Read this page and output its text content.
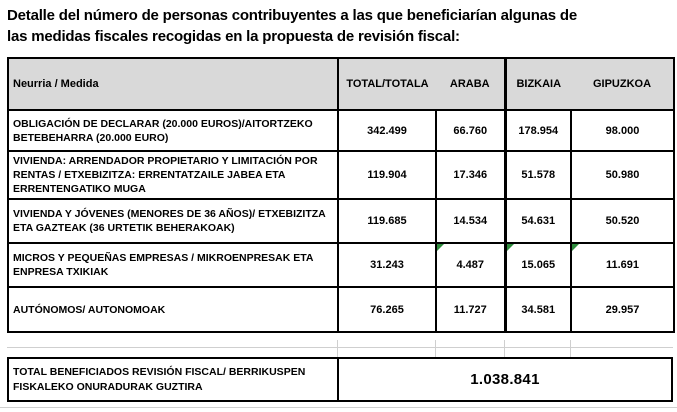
Detalle del número de personas contribuyentes a las que beneficiarían algunas de
las medidas fiscales recogidas en la propuesta de revisión fiscal:
Neurria / Medida	TOTAL/TOTALA	ARABA	BIZKAIA	GIPUZKOA
OBLIGACIÓN DE DECLARAR (20.000 EUROS)/AITORTZEKO BETEBEHARRA (20.000 EURO)	342.499	66.760	178.954	98.000
VIVIENDA: ARRENDADOR PROPIETARIO Y LIMITACIÓN POR RENTAS / ETXEBIZITZA: ERRENTATZAILE JABEA ETA ERRENTENGATIKO MUGA	119.904	17.346	51.578	50.980
VIVIENDA Y JÓVENES (MENORES DE 36 AÑOS)/ ETXEBIZITZA ETA GAZTEAK (36 URTETIK BEHERAKOAK)	119.685	14.534	54.631	50.520
MICROS Y PEQUEÑAS EMPRESAS / MIKROENPRESAK ETA ENPRESA TXIKIAK	31.243	4.487	15.065	11.691
AUTÓNOMOS/ AUTONOMOAK	76.265	11.727	34.581	29.957
TOTAL BENEFICIADOS REVISIÓN FISCAL/ BERRIKUSPEN FISKALEKO ONURADURAK GUZTIRA	1.038.841
